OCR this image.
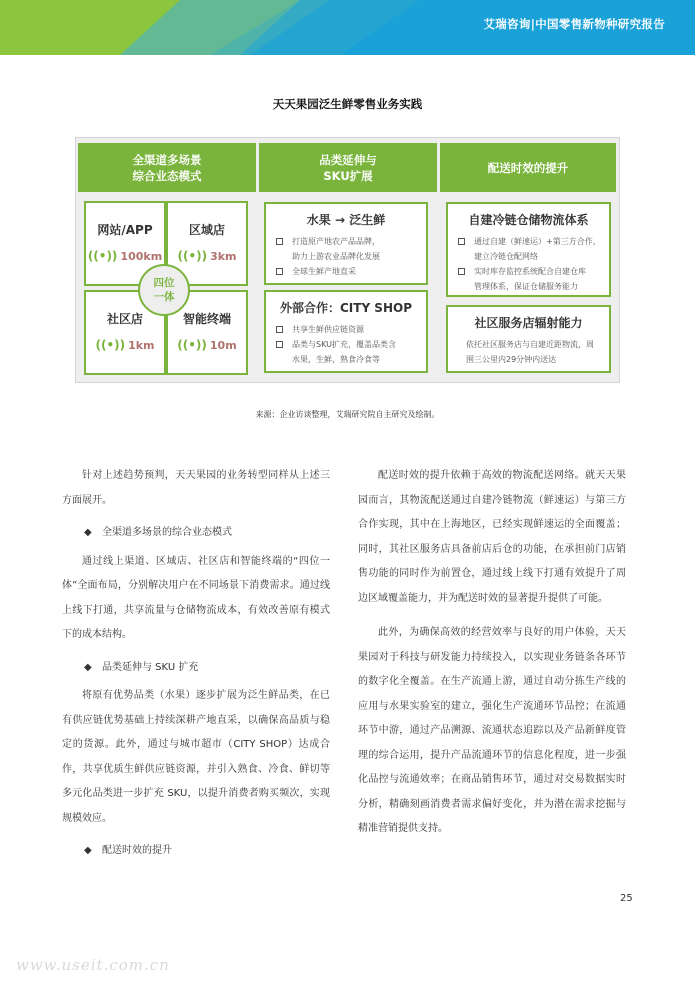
艾瑞咨询|中国零售新物种研究报告
天天果园泛生鲜零售业务实践
全渠道多场景
综合业态模式
品类延伸与
SKU扩展
配送时效的提升
网站/APP
((•)) 100km
区域店
((•)) 3km
社区店
((•)) 1km
智能终端
((•)) 10m
四位
一体
水果 → 泛生鲜
打造原产地农产品品牌，
助力上游农业品牌化发展
全球生鲜产地直采
外部合作：CITY SHOP
共享生鲜供应链资源
品类与SKU扩充，覆盖品类含
水果，生鲜，熟食冷食等
自建冷链仓储物流体系
通过自建（鲜速运）+第三方合作，
建立冷链仓配网络
实时库存监控系统配合自建仓库
管理体系，保证仓储服务能力
社区服务店辐射能力
依托社区服务店与自建近距物流，周围三公里内29分钟内送达
来源：企业访谈整理，艾瑞研究院自主研究及绘制。

针对上述趋势预判，天天果园的业务转型同样从上述三方面展开。

◆ 全渠道多场景的综合业态模式

通过线上渠道、区域店、社区店和智能终端的“四位一体”全面布局，分别解决用户在不同场景下消费需求。通过线上线下打通，共享流量与仓储物流成本，有效改善原有模式下的成本结构。

◆ 品类延伸与 SKU 扩充

将原有优势品类（水果）逐步扩展为泛生鲜品类，在已有供应链优势基础上持续深耕产地直采，以确保高品质与稳定的货源。此外，通过与城市超市（CITY SHOP）达成合作，共享优质生鲜供应链资源，并引入熟食、冷食、鲜切等多元化品类进一步扩充 SKU，以提升消费者购买频次，实现规模效应。

◆ 配送时效的提升

配送时效的提升依赖于高效的物流配送网络。就天天果园而言，其物流配送通过自建冷链物流（鲜速运）与第三方合作实现，其中在上海地区，已经实现鲜速运的全面覆盖；同时，其社区服务店具备前店后仓的功能，在承担前门店销售功能的同时作为前置仓，通过线上线下打通有效提升了周边区域覆盖能力，并为配送时效的显著提升提供了可能。

此外，为确保高效的经营效率与良好的用户体验，天天果园对于科技与研发能力持续投入，以实现业务链条各环节的数字化全覆盖。在生产流通上游，通过自动分拣生产线的应用与水果实验室的建立，强化生产流通环节品控；在流通环节中游，通过产品溯源、流通状态追踪以及产品新鲜度管理的综合运用，提升产品流通环节的信息化程度，进一步强化品控与流通效率；在商品销售环节，通过对交易数据实时分析，精确刻画消费者需求偏好变化，并为潜在需求挖掘与精准营销提供支持。

25
www.useit.com.cn
